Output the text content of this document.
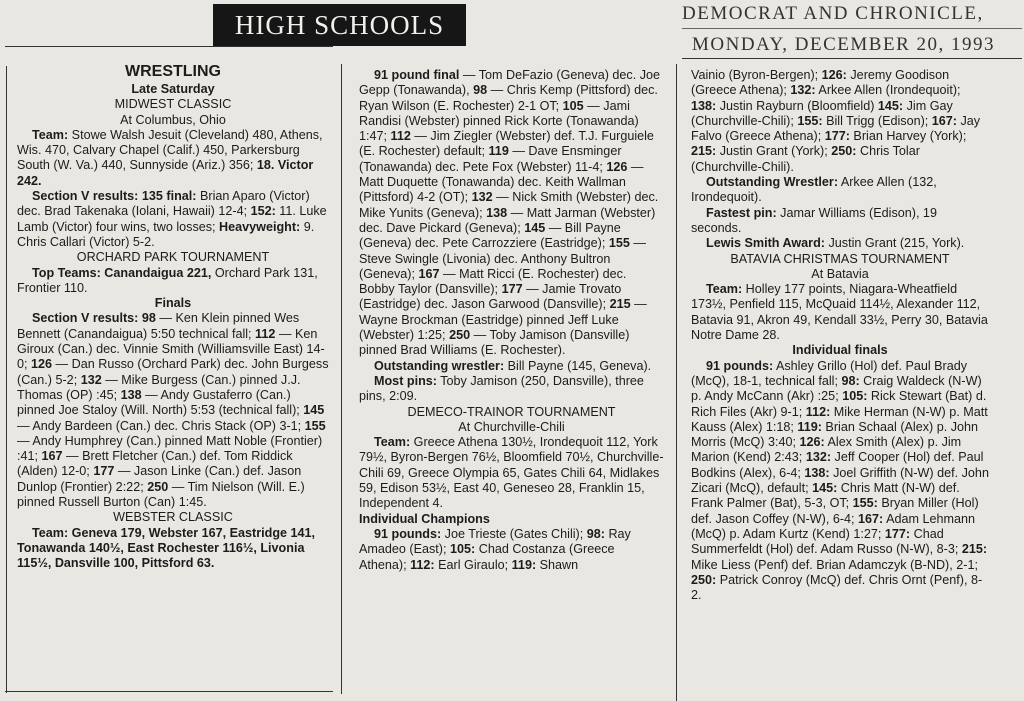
HIGH SCHOOLS	DEMOCRAT AND CHRONICLE,
MONDAY, DECEMBER 20, 1993

WRESTLING

Late Saturday

MIDWEST CLASSIC

At Columbus, Ohio

Team: Stowe Walsh Jesuit (Cleveland) 480, Athens, Wis. 470, Calvary Chapel (Calif.) 450, Parkersburg South (W. Va.) 440, Sunnyside (Ariz.) 356; 18. Victor 242.

Section V results: 135 final: Brian Aparo (Victor) dec. Brad Takenaka (Iolani, Hawaii) 12-4; 152: 11. Luke Lamb (Victor) four wins, two losses; Heavyweight: 9. Chris Callari (Victor) 5-2.

ORCHARD PARK TOURNAMENT

Top Teams: Canandaigua 221, Orchard Park 131, Frontier 110.

Finals

Section V results: 98 — Ken Klein pinned Wes Bennett (Canandaigua) 5:50 technical fall; 112 — Ken Giroux (Can.) dec. Vinnie Smith (Williamsville East) 14-0; 126 — Dan Russo (Orchard Park) dec. John Burgess (Can.) 5-2; 132 — Mike Burgess (Can.) pinned J.J. Thomas (OP) :45; 138 — Andy Gustaferro (Can.) pinned Joe Staloy (Will. North) 5:53 (technical fall); 145 — Andy Bardeen (Can.) dec. Chris Stack (OP) 3-1; 155 — Andy Humphrey (Can.) pinned Matt Noble (Frontier) :41; 167 — Brett Fletcher (Can.) def. Tom Riddick (Alden) 12-0; 177 — Jason Linke (Can.) def. Jason Dunlop (Frontier) 2:22; 250 — Tim Nielson (Will. E.) pinned Russell Burton (Can) 1:45.

WEBSTER CLASSIC

Team: Geneva 179, Webster 167, Eastridge 141, Tonawanda 140½, East Rochester 116½, Livonia 115½, Dansville 100, Pittsford 63.

91 pound final — Tom DeFazio (Geneva) dec. Joe Gepp (Tonawanda), 98 — Chris Kemp (Pittsford) dec. Ryan Wilson (E. Rochester) 2-1 OT; 105 — Jami Randisi (Webster) pinned Rick Korte (Tonawanda) 1:47; 112 — Jim Ziegler (Webster) def. T.J. Furguiele (E. Rochester) default; 119 — Dave Ensminger (Tonawanda) dec. Pete Fox (Webster) 11-4; 126 — Matt Duquette (Tonawanda) dec. Keith Wallman (Pittsford) 4-2 (OT); 132 — Nick Smith (Webster) dec. Mike Yunits (Geneva); 138 — Matt Jarman (Webster) dec. Dave Pickard (Geneva); 145 — Bill Payne (Geneva) dec. Pete Carrozziere (Eastridge); 155 — Steve Swingle (Livonia) dec. Anthony Bultron (Geneva); 167 — Matt Ricci (E. Rochester) dec. Bobby Taylor (Dansville); 177 — Jamie Trovato (Eastridge) dec. Jason Garwood (Dansville); 215 — Wayne Brockman (Eastridge) pinned Jeff Luke (Webster) 1:25; 250 — Toby Jamison (Dansville) pinned Brad Williams (E. Rochester).

Outstanding wrestler: Bill Payne (145, Geneva).

Most pins: Toby Jamison (250, Dansville), three pins, 2:09.

DEMECO-TRAINOR TOURNAMENT

At Churchville-Chili

Team: Greece Athena 130½, Irondequoit 112, York 79½, Byron-Bergen 76½, Bloomfield 70½, Churchville-Chili 69, Greece Olympia 65, Gates Chili 64, Midlakes 59, Edison 53½, East 40, Geneseo 28, Franklin 15, Independent 4.

Individual Champions

91 pounds: Joe Trieste (Gates Chili); 98: Ray Amadeo (East); 105: Chad Costanza (Greece Athena); 112: Earl Giraulo; 119: Shawn

Vainio (Byron-Bergen); 126: Jeremy Goodison (Greece Athena); 132: Arkee Allen (Irondequoit); 138: Justin Rayburn (Bloomfield) 145: Jim Gay (Churchville-Chili); 155: Bill Trigg (Edison); 167: Jay Falvo (Greece Athena); 177: Brian Harvey (York); 215: Justin Grant (York); 250: Chris Tolar (Churchville-Chili).

Outstanding Wrestler: Arkee Allen (132, Irondequoit).

Fastest pin: Jamar Williams (Edison), 19 seconds.

Lewis Smith Award: Justin Grant (215, York).

BATAVIA CHRISTMAS TOURNAMENT

At Batavia

Team: Holley 177 points, Niagara-Wheatfield 173½, Penfield 115, McQuaid 114½, Alexander 112, Batavia 91, Akron 49, Kendall 33½, Perry 30, Batavia Notre Dame 28.

Individual finals

91 pounds: Ashley Grillo (Hol) def. Paul Brady (McQ), 18-1, technical fall; 98: Craig Waldeck (N-W) p. Andy McCann (Akr) :25; 105: Rick Stewart (Bat) d. Rich Files (Akr) 9-1; 112: Mike Herman (N-W) p. Matt Kauss (Alex) 1:18; 119: Brian Schaal (Alex) p. John Morris (McQ) 3:40; 126: Alex Smith (Alex) p. Jim Marion (Kend) 2:43; 132: Jeff Cooper (Hol) def. Paul Bodkins (Alex), 6-4; 138: Joel Griffith (N-W) def. John Zicari (McQ), default; 145: Chris Matt (N-W) def. Frank Palmer (Bat), 5-3, OT; 155: Bryan Miller (Hol) def. Jason Coffey (N-W), 6-4; 167: Adam Lehmann (McQ) p. Adam Kurtz (Kend) 1:27; 177: Chad Summerfeldt (Hol) def. Adam Russo (N-W), 8-3; 215: Mike Liess (Penf) def. Brian Adamczyk (B-ND), 2-1; 250: Patrick Conroy (McQ) def. Chris Ornt (Penf), 8-2.
